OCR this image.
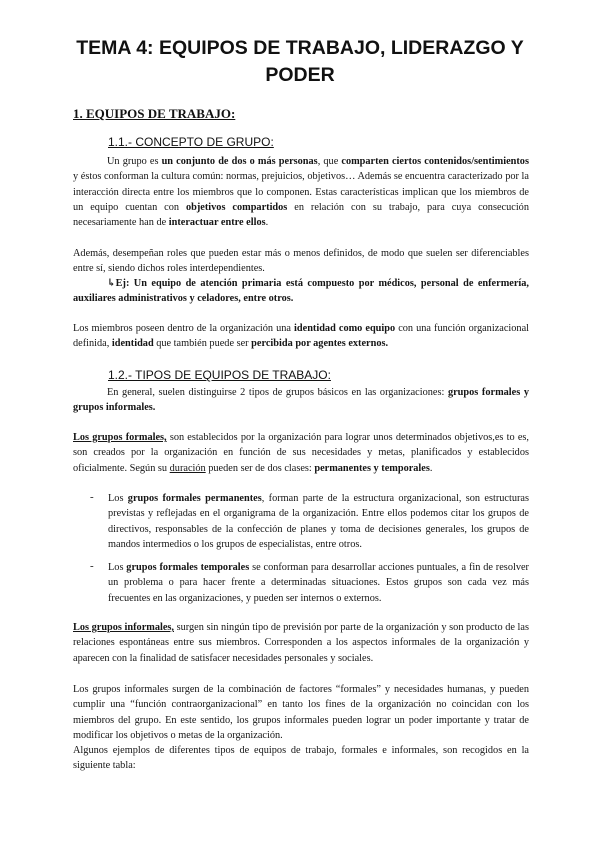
TEMA 4: EQUIPOS DE TRABAJO, LIDERAZGO Y PODER
1. EQUIPOS DE TRABAJO:
1.1.- CONCEPTO DE GRUPO:
Un grupo es un conjunto de dos o más personas, que comparten ciertos contenidos/sentimientos y éstos conforman la cultura común: normas, prejuicios, objetivos… Además se encuentra caracterizado por la interacción directa entre los miembros que lo componen. Estas características implican que los miembros de un equipo cuentan con objetivos compartidos en relación con su trabajo, para cuya consecución necesariamente han de interactuar entre ellos.
Además, desempeñan roles que pueden estar más o menos definidos, de modo que suelen ser diferenciables entre sí, siendo dichos roles interdependientes.
↳Ej: Un equipo de atención primaria está compuesto por médicos, personal de enfermería, auxiliares administrativos y celadores, entre otros.
Los miembros poseen dentro de la organización una identidad como equipo con una función organizacional definida, identidad que también puede ser percibida por agentes externos.
1.2.- TIPOS DE EQUIPOS DE TRABAJO:
En general, suelen distinguirse 2 tipos de grupos básicos en las organizaciones: grupos formales y grupos informales.
Los grupos formales, son establecidos por la organización para lograr unos determinados objetivos,es to es, son creados por la organización en función de sus necesidades y metas, planificados y establecidos oficialmente. Según su duración pueden ser de dos clases: permanentes y temporales.
- Los grupos formales permanentes, forman parte de la estructura organizacional, son estructuras previstas y reflejadas en el organigrama de la organización. Entre ellos podemos citar los grupos de directivos, responsables de la confección de planes y toma de decisiones generales, los grupos de mandos intermedios o los grupos de especialistas, entre otros.
- Los grupos formales temporales se conforman para desarrollar acciones puntuales, a fin de resolver un problema o para hacer frente a determinadas situaciones. Estos grupos son cada vez más frecuentes en las organizaciones, y pueden ser internos o externos.
Los grupos informales, surgen sin ningún tipo de previsión por parte de la organización y son producto de las relaciones espontáneas entre sus miembros. Corresponden a los aspectos informales de la organización y aparecen con la finalidad de satisfacer necesidades personales y sociales.
Los grupos informales surgen de la combinación de factores “formales” y necesidades humanas, y pueden cumplir una “función contraorganizacional” en tanto los fines de la organización no coincidan con los miembros del grupo. En este sentido, los grupos informales pueden lograr un poder importante y tratar de modificar los objetivos o metas de la organización.
Algunos ejemplos de diferentes tipos de equipos de trabajo, formales e informales, son recogidos en la siguiente tabla:
